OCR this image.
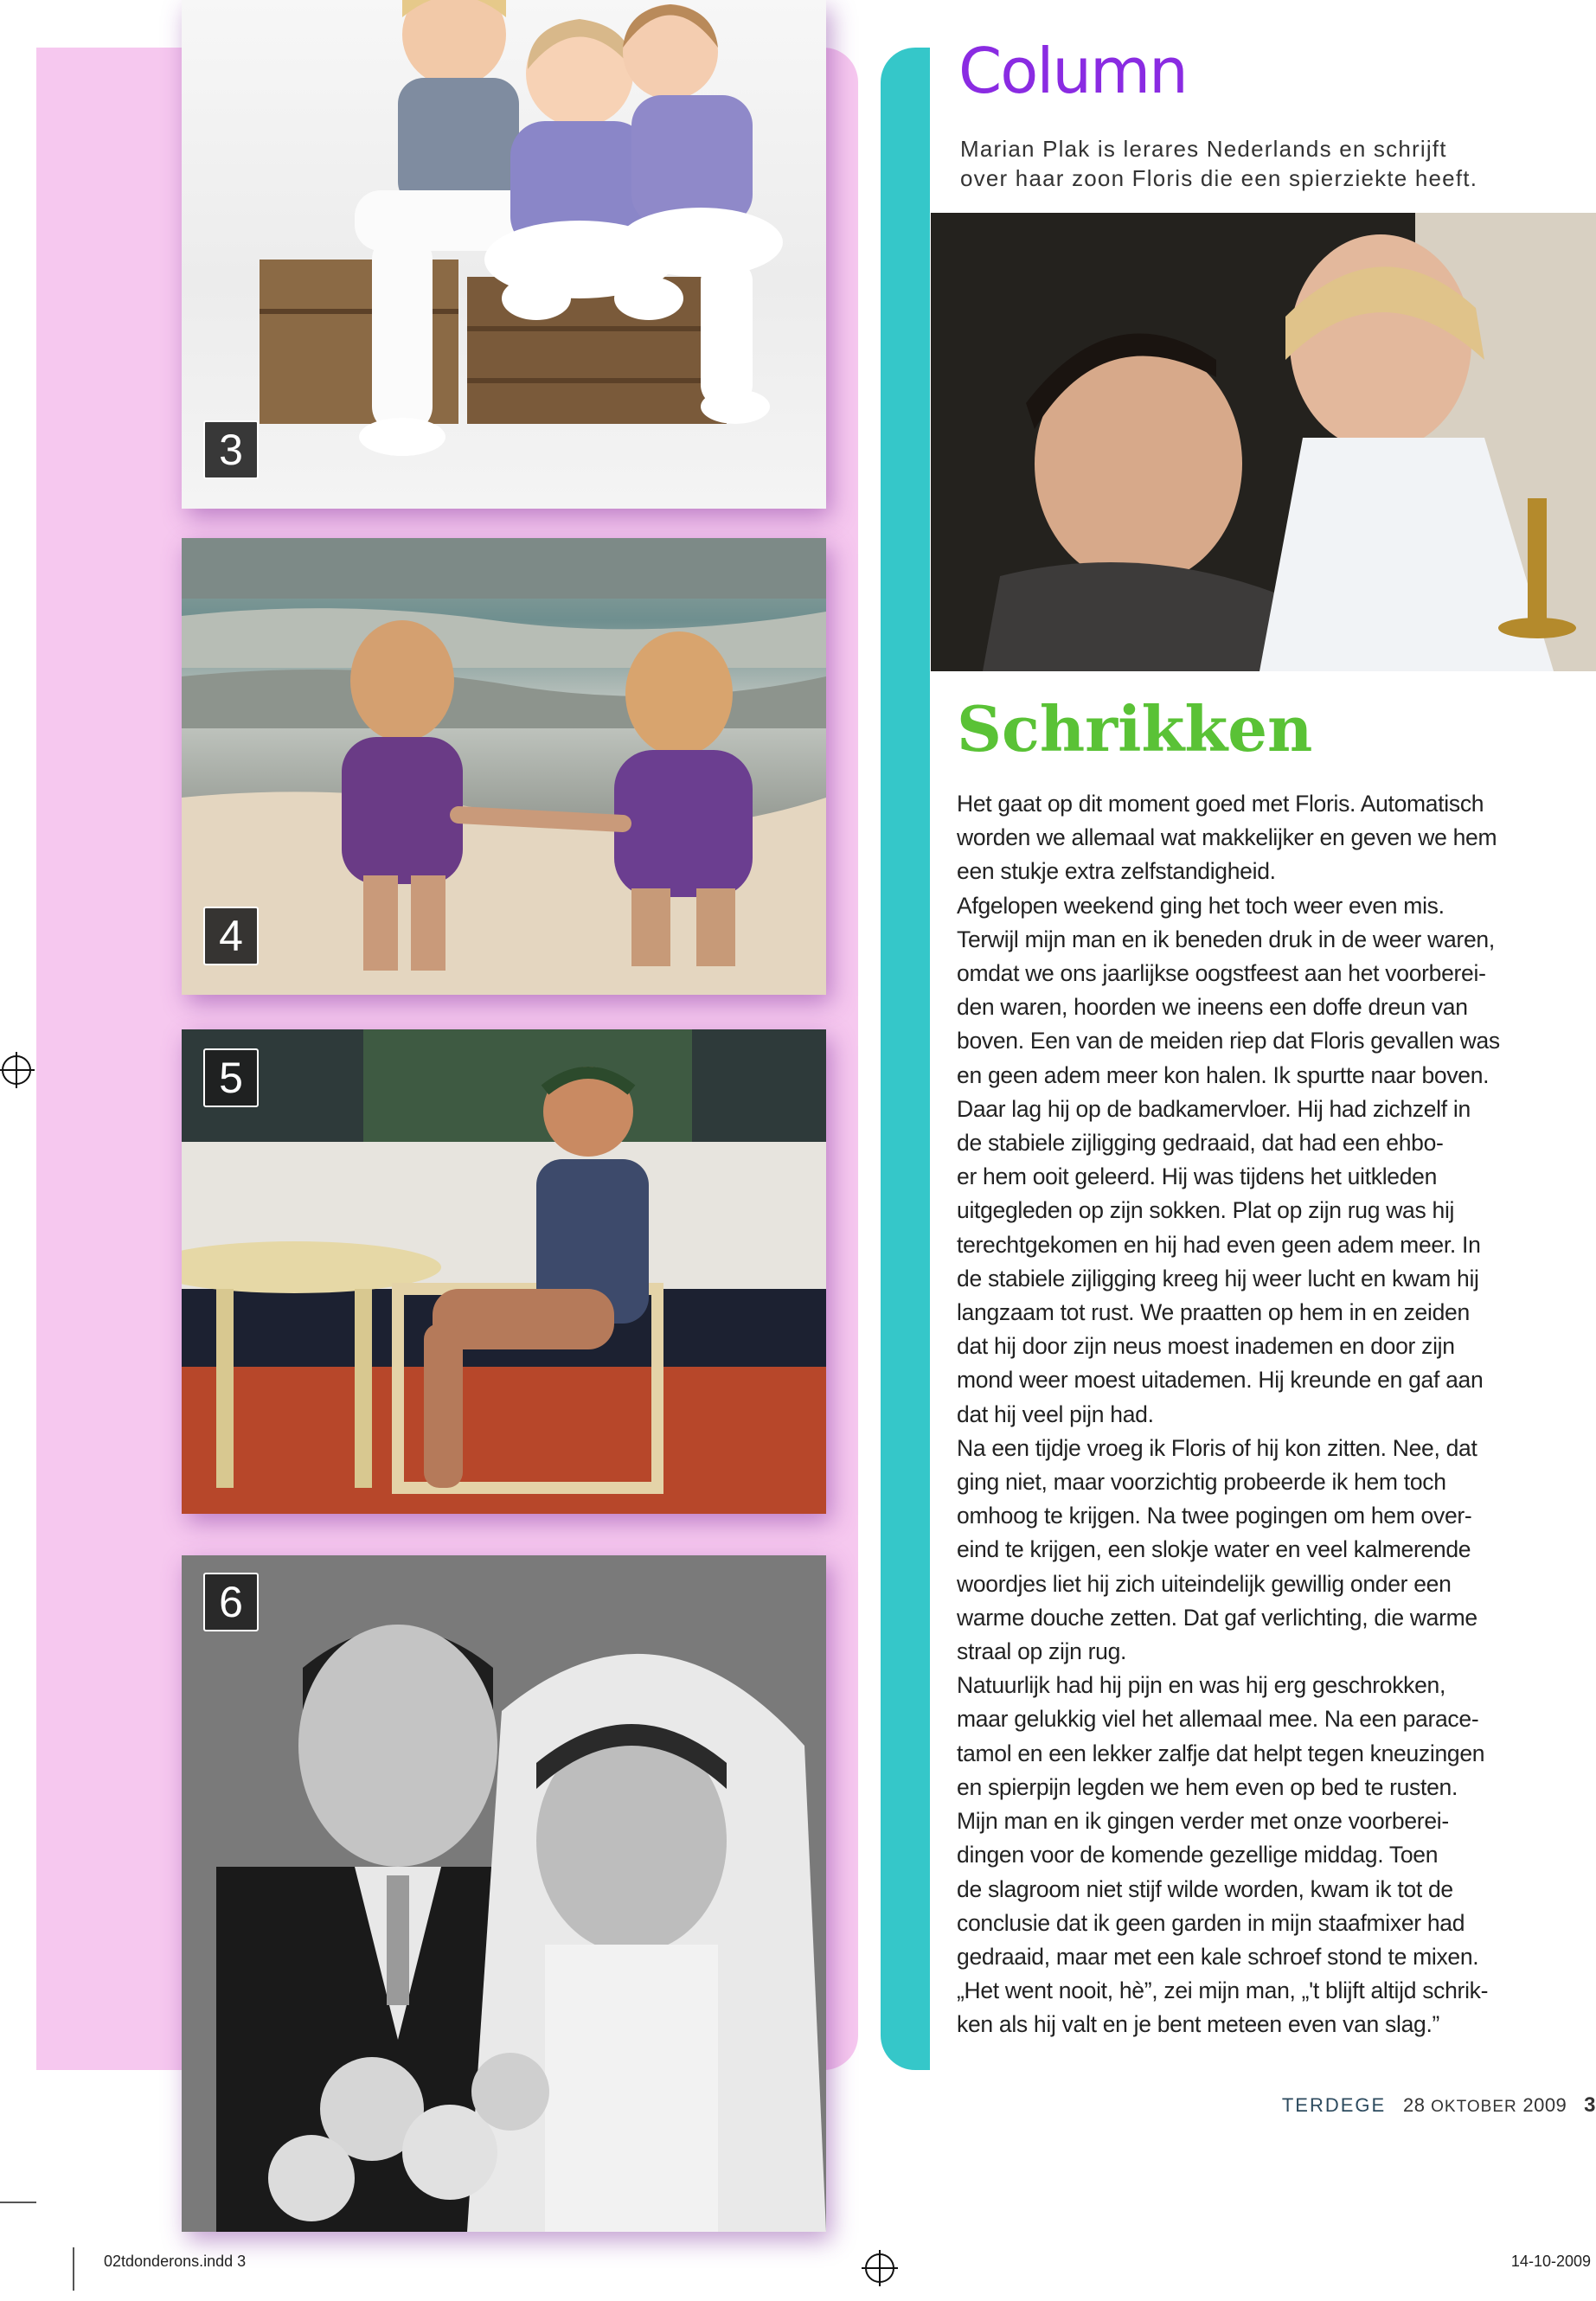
3
4
5
6
Column
Marian Plak is lerares Nederlands en schrijft
over haar zoon Floris die een spierziekte heeft.
Schrikken
Het gaat op dit moment goed met Floris. Automatisch
worden we allemaal wat makkelijker en geven we hem
een stukje extra zelfstandigheid.
Afgelopen weekend ging het toch weer even mis.
Terwijl mijn man en ik beneden druk in de weer waren,
omdat we ons jaarlijkse oogstfeest aan het voorberei-
den waren, hoorden we ineens een doffe dreun van
boven. Een van de meiden riep dat Floris gevallen was
en geen adem meer kon halen. Ik spurtte naar boven.
Daar lag hij op de badkamervloer. Hij had zichzelf in
de stabiele zijligging gedraaid, dat had een ehbo-
er hem ooit geleerd. Hij was tijdens het uitkleden
uitgegleden op zijn sokken. Plat op zijn rug was hij
terechtgekomen en hij had even geen adem meer. In
de stabiele zijligging kreeg hij weer lucht en kwam hij
langzaam tot rust. We praatten op hem in en zeiden
dat hij door zijn neus moest inademen en door zijn
mond weer moest uitademen. Hij kreunde en gaf aan
dat hij veel pijn had.
Na een tijdje vroeg ik Floris of hij kon zitten. Nee, dat
ging niet, maar voorzichtig probeerde ik hem toch
omhoog te krijgen. Na twee pogingen om hem over-
eind te krijgen, een slokje water en veel kalmerende
woordjes liet hij zich uiteindelijk gewillig onder een
warme douche zetten. Dat gaf verlichting, die warme
straal op zijn rug.
Natuurlijk had hij pijn en was hij erg geschrokken,
maar gelukkig viel het allemaal mee. Na een parace-
tamol en een lekker zalfje dat helpt tegen kneuzingen
en spierpijn legden we hem even op bed te rusten.
Mijn man en ik gingen verder met onze voorberei-
dingen voor de komende gezellige middag. Toen
de slagroom niet stijf wilde worden, kwam ik tot de
conclusie dat ik geen garden in mijn staafmixer had
gedraaid, maar met een kale schroef stond te mixen.
„Het went nooit, hè”, zei mijn man, „'t blijft altijd schrik-
ken als hij valt en je bent meteen even van slag.”
TERDEGE 28 OKTOBER 2009 3
02tdonderons.indd 3	14-10-2009
